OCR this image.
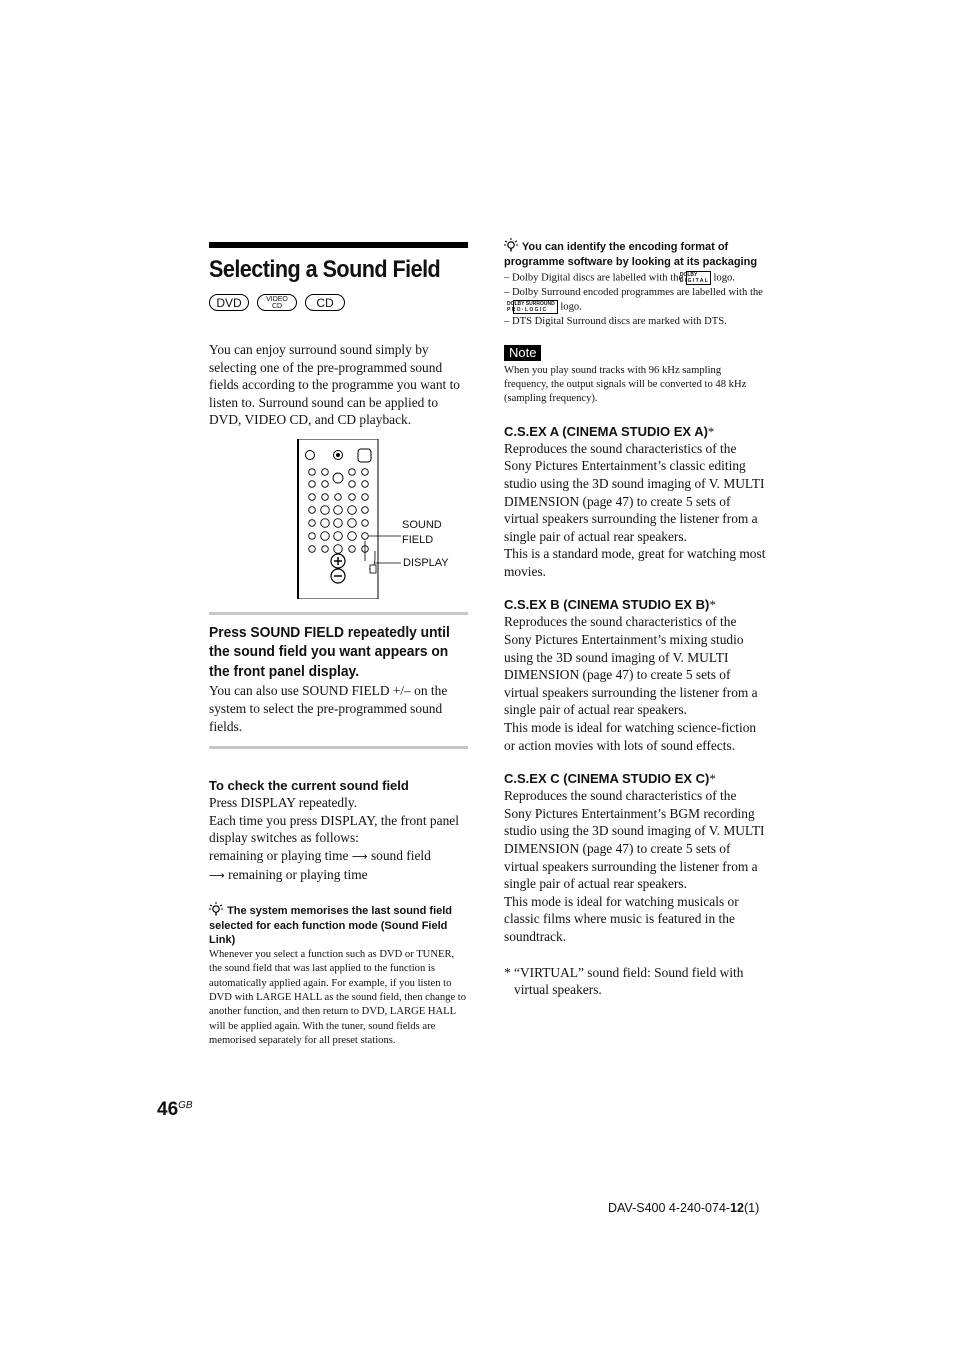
Selecting a Sound Field
DVD	VIDEO
CD	CD

You can enjoy surround sound simply by selecting one of the pre-programmed sound fields according to the programme you want to listen to. Surround sound can be applied to DVD, VIDEO CD, and CD playback.

SOUND
FIELD
DISPLAY

Press SOUND FIELD repeatedly until the sound field you want appears on the front panel display.

You can also use SOUND FIELD +/– on the system to select the pre-programmed sound fields.

To check the current sound field

Press DISPLAY repeatedly.

Each time you press DISPLAY, the front panel display switches as follows:

remaining or playing time ⟶ sound field
⟶ remaining or playing time

The system memorises the last sound field selected for each function mode (Sound Field Link)

Whenever you select a function such as DVD or TUNER, the sound field that was last applied to the function is automatically applied again. For example, if you listen to DVD with LARGE HALL as the sound field, then change to another function, and then return to DVD, LARGE HALL will be applied again. With the tuner, sound fields are memorised separately for all preset stations.

You can identify the encoding format of programme software by looking at its packaging

– Dolby Digital discs are labelled with the
DOLBY
D I G I T A L logo.

– Dolby Surround encoded programmes are labelled with the
DOLBY SURROUND
P R O · L O G I C	logo.

– DTS Digital Surround discs are marked with DTS.

Note

When you play sound tracks with 96 kHz sampling frequency, the output signals will be converted to 48 kHz (sampling frequency).

C.S.EX A (CINEMA STUDIO EX A)*

Reproduces the sound characteristics of the Sony Pictures Entertainment’s classic editing studio using the 3D sound imaging of V. MULTI DIMENSION (page 47) to create 5 sets of virtual speakers surrounding the listener from a single pair of actual rear speakers.

This is a standard mode, great for watching most movies.

C.S.EX B (CINEMA STUDIO EX B)*

Reproduces the sound characteristics of the Sony Pictures Entertainment’s mixing studio using the 3D sound imaging of V. MULTI DIMENSION (page 47) to create 5 sets of virtual speakers surrounding the listener from a single pair of actual rear speakers.

This mode is ideal for watching science-fiction or action movies with lots of sound effects.

C.S.EX C (CINEMA STUDIO EX C)*

Reproduces the sound characteristics of the Sony Pictures Entertainment’s BGM recording studio using the 3D sound imaging of V. MULTI DIMENSION (page 47) to create 5 sets of virtual speakers surrounding the listener from a single pair of actual rear speakers.

This mode is ideal for watching musicals or classic films where music is featured in the soundtrack.

* “VIRTUAL” sound field: Sound field with virtual speakers.

$46^{GB}$
DAV-S400 4-240-074-12(1)
